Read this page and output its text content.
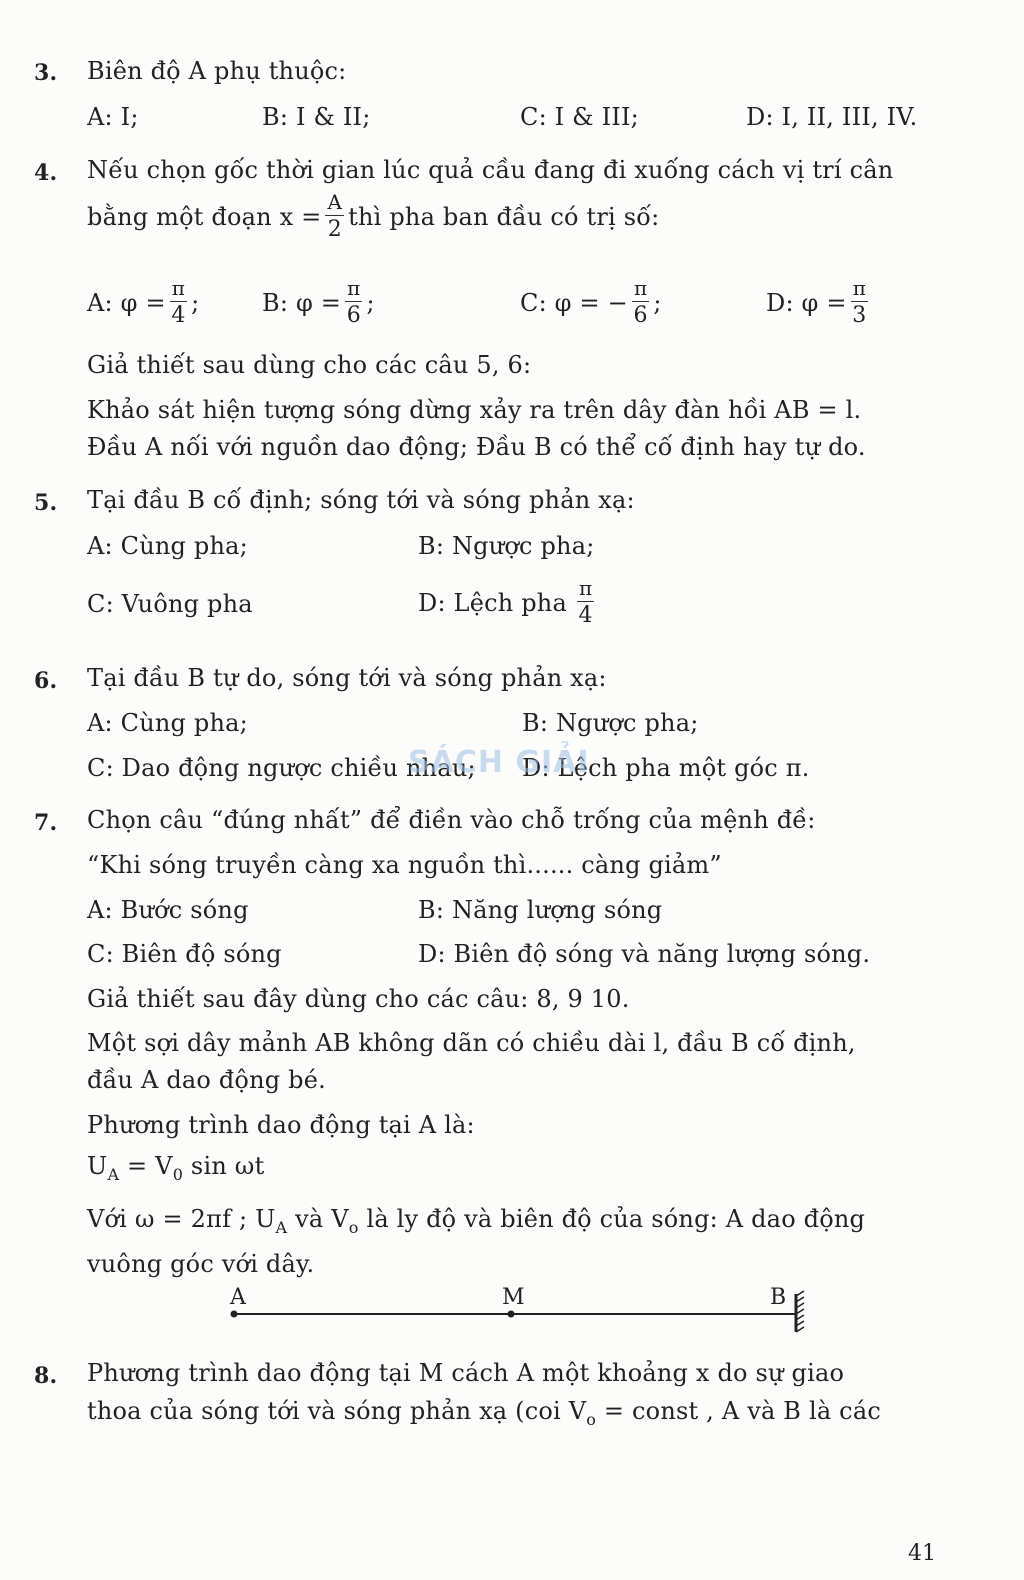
3. Biên độ A phụ thuộc:
A: I;	B: I & II;	C: I & III;	D: I, II, III, IV.
4. Nếu chọn gốc thời gian lúc quả cầu đang đi xuống cách vị trí cân
bằng một đoạn $x = \frac{A}{2}$ thì pha ban đầu có trị số:
A: $\varphi = \frac{\pi}{4}$ ;	B: $\varphi = \frac{\pi}{6}$ ;	C: φ = − $\frac{\pi}{6}$ ;	D: $\varphi = \frac{\pi}{3}$
Giả thiết sau dùng cho các câu 5, 6:
Khảo sát hiện tượng sóng dừng xảy ra trên dây đàn hồi AB = l.
Đầu A nối với nguồn dao động; Đầu B có thể cố định hay tự do.
5. Tại đầu B cố định; sóng tới và sóng phản xạ:
A: Cùng pha;	B: Ngược pha;
C: Vuông pha	D: Lệch pha $\frac{\pi}{4}$
6. Tại đầu B tự do, sóng tới và sóng phản xạ:
A: Cùng pha;	B: Ngược pha;
C: Dao động ngược chiều nhau; D: Lệch pha một góc π.
SÁCH GIẢI
7. Chọn câu “đúng nhất” để điền vào chỗ trống của mệnh đề:
“Khi sóng truyền càng xa nguồn thì...... càng giảm”
A: Bước sóng	B: Năng lượng sóng
C: Biên độ sóng	D: Biên độ sóng và năng lượng sóng.
Giả thiết sau đây dùng cho các câu: 8, 9 10.
Một sợi dây mảnh AB không dãn có chiều dài l, đầu B cố định,
đầu A dao động bé.
Phương trình dao động tại A là:
$U_A = V_0$ sin ωt
Với ω = 2πf ; $U_A$ và $V_o$ là ly độ và biên độ của sóng: A dao động
vuông góc với dây.
A	M	B
8. Phương trình dao động tại M cách A một khoảng x do sự giao
thoa của sóng tới và sóng phản xạ (coi $V_o$ = const , A và B là các
41
